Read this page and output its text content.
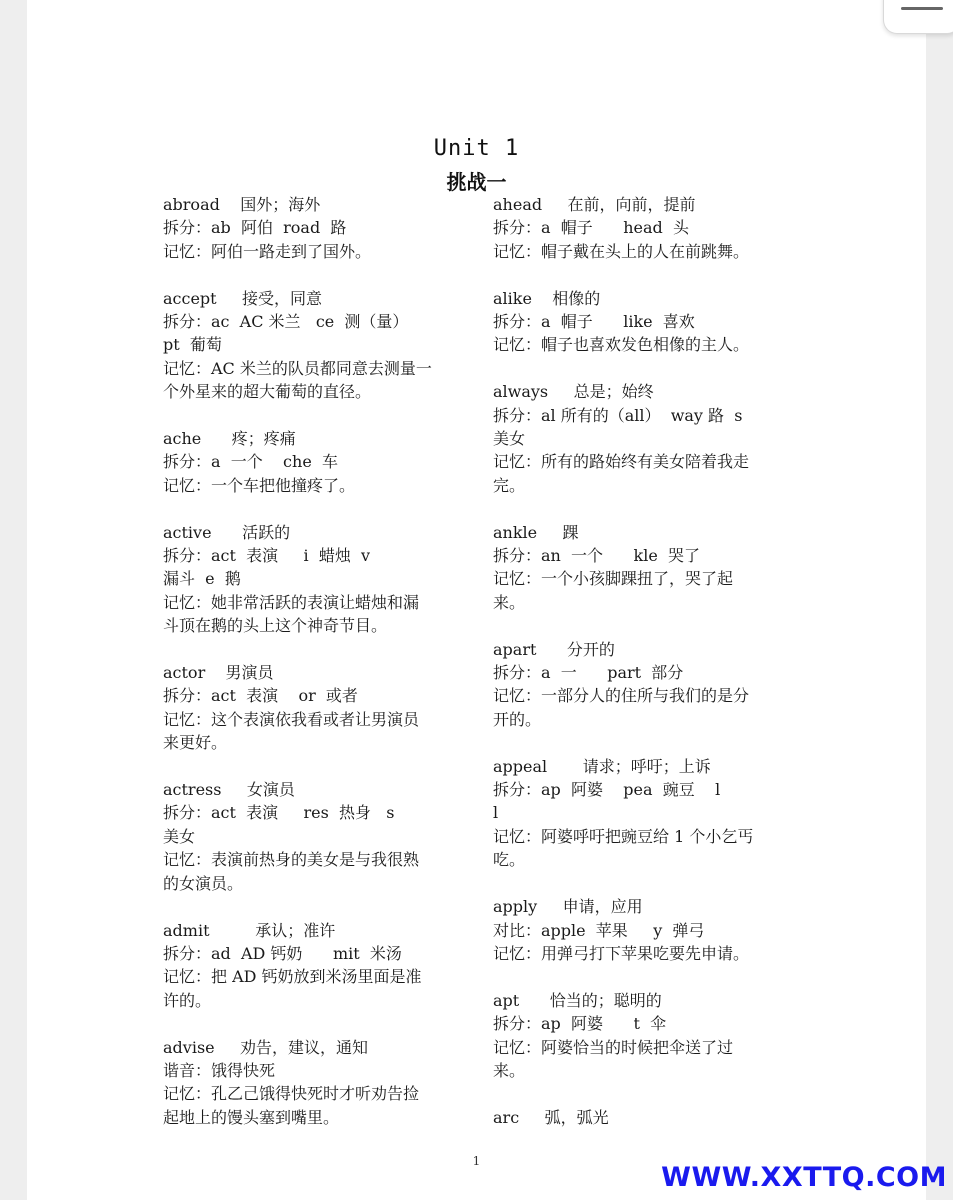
Unit 1
挑战一
abroad    国外；海外
拆分：ab  阿伯  road  路
记忆：阿伯一路走到了国外。
accept     接受，同意
拆分：ac  AC 米兰   ce  测（量）
pt  葡萄
记忆：AC 米兰的队员都同意去测量一
个外星来的超大葡萄的直径。
ache      疼；疼痛
拆分：a  一个    che  车
记忆：一个车把他撞疼了。
active      活跃的
拆分：act  表演     i  蜡烛  v
漏斗  e  鹅
记忆：她非常活跃的表演让蜡烛和漏
斗顶在鹅的头上这个神奇节目。
actor    男演员
拆分：act  表演    or  或者
记忆：这个表演依我看或者让男演员
来更好。
actress     女演员
拆分：act  表演     res  热身   s
美女
记忆：表演前热身的美女是与我很熟
的女演员。
admit         承认；准许
拆分：ad  AD 钙奶      mit  米汤
记忆：把 AD 钙奶放到米汤里面是准
许的。
advise     劝告，建议，通知
谐音：饿得快死
记忆：孔乙己饿得快死时才听劝告捡
起地上的馒头塞到嘴里。
ahead     在前，向前，提前
拆分：a  帽子      head  头
记忆：帽子戴在头上的人在前跳舞。
alike    相像的
拆分：a  帽子      like  喜欢
记忆：帽子也喜欢发色相像的主人。
always     总是；始终
拆分：al 所有的（all）  way 路  s
美女
记忆：所有的路始终有美女陪着我走
完。
ankle     踝
拆分：an  一个      kle  哭了
记忆：一个小孩脚踝扭了，哭了起
来。
apart      分开的
拆分：a  一      part  部分
记忆：一部分人的住所与我们的是分
开的。
appeal       请求；呼吁；上诉
拆分：ap  阿婆    pea  豌豆    l
l
记忆：阿婆呼吁把豌豆给 1 个小乞丐
吃。
apply     申请，应用
对比：apple  苹果     y  弹弓
记忆：用弹弓打下苹果吃要先申请。
apt      恰当的；聪明的
拆分：ap  阿婆      t  伞
记忆：阿婆恰当的时候把伞送了过
来。
arc     弧，弧光
1
WWW.XXTTQ.COM
